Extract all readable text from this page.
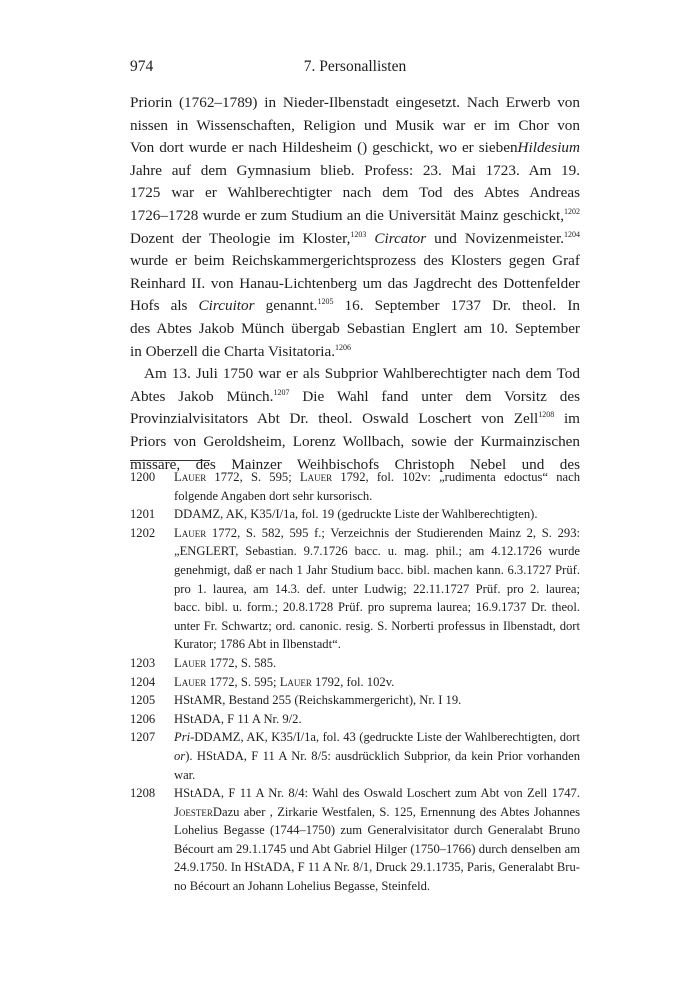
974	7. Personallisten
Priorin (1762–1789) in Nieder-Ilbenstadt eingesetzt. Nach Erwerb von
nissen in Wissenschaften, Religion und Musik war er im Chor von
Von dort wurde er nach Hildesheim () geschickt, wo er siebenHildesium
Jahre auf dem Gymnasium blieb. Profess: 23. Mai 1723. Am 19.
1725 war er Wahlberechtigter nach dem Tod des Abtes Andreas
1726–1728 wurde er zum Studium an die Universität Mainz geschickt,$^{1202}$
Dozent der Theologie im Kloster,$^{1203}$ Circator und Novizenmeister.$^{1204}$
wurde er beim Reichskammergerichtsprozess des Klosters gegen Graf
Reinhard II. von Hanau-Lichtenberg um das Jagdrecht des Dottenfelder
Hofs als Circuitor genannt.$^{1205}$ 16. September 1737 Dr. theol. In
des Abtes Jakob Münch übergab Sebastian Englert am 10. September
in Oberzell die Charta Visitatoria.$^{1206}$
Am 13. Juli 1750 war er als Subprior Wahlberechtigter nach dem Tod
Abtes Jakob Münch.$^{1207}$ Die Wahl fand unter dem Vorsitz des
Provinzialvisitators Abt Dr. theol. Oswald Loschert von Zell$^{1208}$ im
Priors von Geroldsheim, Lorenz Wollbach, sowie der Kurmainzischen
missare, des Mainzer Weihbischofs Christoph Nebel und des
1200 Lauer 1772, S. 595; Lauer 1792, fol. 102v: „rudimenta edoctus“ nach
folgende Angaben dort sehr kursorisch.
1201 DDAMZ, AK, K35/I/1a, fol. 19 (gedruckte Liste der Wahlberechtigten).
1202 Lauer 1772, S. 582, 595 f.; Verzeichnis der Studierenden Mainz 2, S. 293:
„ENGLERT, Sebastian. 9.7.1726 bacc. u. mag. phil.; am 4.12.1726 wurde
genehmigt, daß er nach 1 Jahr Studium bacc. bibl. machen kann. 6.3.1727 Prüf.
pro 1. laurea, am 14.3. def. unter Ludwig; 22.11.1727 Prüf. pro 2. laurea;
bacc. bibl. u. form.; 20.8.1728 Prüf. pro suprema laurea; 16.9.1737 Dr. theol.
unter Fr. Schwartz; ord. canonic. resig. S. Norberti professus in Ilbenstadt, dort
Kurator; 1786 Abt in Ilbenstadt“.
1203 Lauer 1772, S. 585.
1204 Lauer 1772, S. 595; Lauer 1792, fol. 102v.
1205 HStAMR, Bestand 255 (Reichskammergericht), Nr. I 19.
1206 HStADA, F 11 A Nr. 9/2.
1207 Pri-DDAMZ, AK, K35/I/1a, fol. 43 (gedruckte Liste der Wahlberechtigten, dort
or). HStADA, F 11 A Nr. 8/5: ausdrücklich Subprior, da kein Prior vorhanden
war.
1208 HStADA, F 11 A Nr. 8/4: Wahl des Oswald Loschert zum Abt von Zell 1747.
JoesterDazu aber , Zirkarie Westfalen, S. 125, Ernennung des Abtes Johannes
Lohelius Begasse (1744–1750) zum Generalvisitator durch Generalabt Bruno
Bécourt am 29.1.1745 und Abt Gabriel Hilger (1750–1766) durch denselben am
24.9.1750. In HStADA, F 11 A Nr. 8/1, Druck 29.1.1735, Paris, Generalabt Bru-
no Bécourt an Johann Lohelius Begasse, Steinfeld.
